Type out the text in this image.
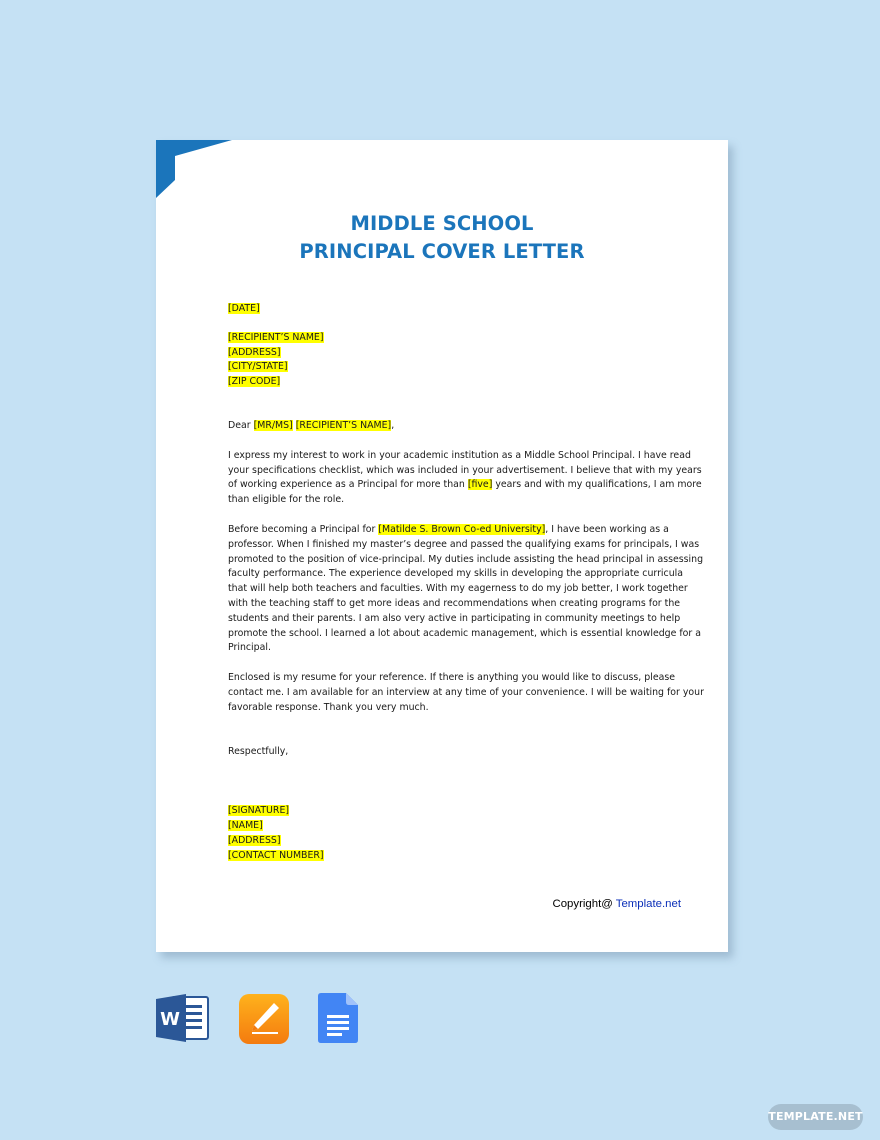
MIDDLE SCHOOL
PRINCIPAL COVER LETTER

[DATE]

[RECIPIENT’S NAME]

[ADDRESS]

[CITY/STATE]

[ZIP CODE]

Dear [MR/MS] [RECIPIENT’S NAME],

I express my interest to work in your academic institution as a Middle School Principal. I have read

your specifications checklist, which was included in your advertisement. I believe that with my years

of working experience as a Principal for more than [five] years and with my qualifications, I am more

than eligible for the role.

Before becoming a Principal for [Matilde S. Brown Co-ed University], I have been working as a

professor. When I finished my master’s degree and passed the qualifying exams for principals, I was

promoted to the position of vice-principal. My duties include assisting the head principal in assessing

faculty performance. The experience developed my skills in developing the appropriate curricula

that will help both teachers and faculties. With my eagerness to do my job better, I work together

with the teaching staff to get more ideas and recommendations when creating programs for the

students and their parents. I am also very active in participating in community meetings to help

promote the school. I learned a lot about academic management, which is essential knowledge for a

Principal.

Enclosed is my resume for your reference. If there is anything you would like to discuss, please

contact me. I am available for an interview at any time of your convenience. I will be waiting for your

favorable response. Thank you very much.

Respectfully,

[SIGNATURE]

[NAME]

[ADDRESS]

[CONTACT NUMBER]

Copyright@ Template.net
W
TEMPLATE.NET
